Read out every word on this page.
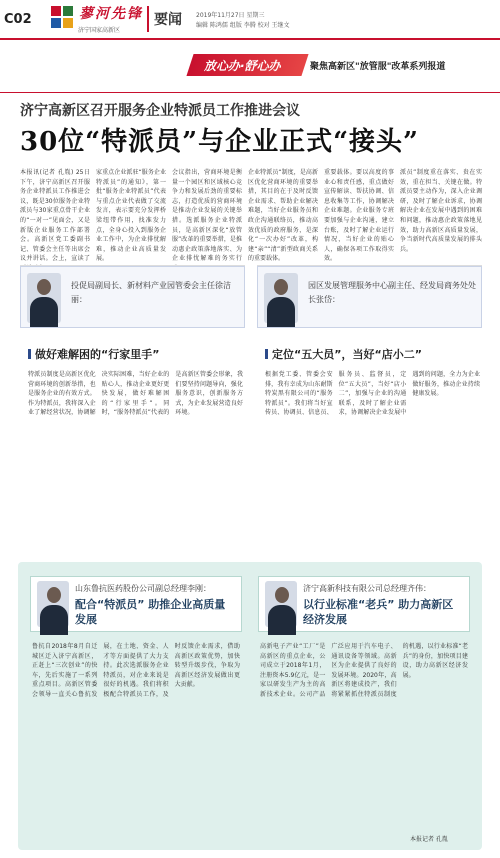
C02	蓼河先锋
济宁国家高新区
要闻 2019年11月27日 星期三
编辑 陈鸿儒 组版 李腾 校对 王继文
放心办·舒心办	聚焦高新区"放管服"改革系列报道
济宁高新区召开服务企业特派员工作推进会议
30位“特派员”与企业正式“接头”
本报讯(记者 孔胤) 25日下午，济宁高新区召开服务企业特派员工作推进会议，既是30位服务企业特派员与30家重点骨干企业的“一对一”见面会，又是新版企业服务工作部署会。高新区党工委副书记、管委会主任等出席会议并讲话。会上，宣读了
家重点企业派驻“服务企业特派员”的通知》，第一批“服务企业特派员”代表与重点企业代表做了交流发言，表示要充分发挥桥梁纽带作用，找准发力点，全身心投入到服务企业工作中，为企业排忧解难，推动企业高质量发展。
会议指出，营商环境是衡量一个园区和区域核心竞争力和发展后劲的重要标志，打造优质的营商环境是推动企业发展的关键举措。选派服务企业特派员，是高新区深化“放管服”改革的重要举措，是推动惠企政策落地落实、为企业排忧解难的务实行
企业特派员“制度，是高新区优化营商环境的重要举措，其目的在于及时反馈企业需求、帮助企业解决难题，当好企业服务员和政企沟通联络员，推动高效优质的政府服务，是深化“一次办好”改革，构建“亲”“清”新型政商关系的重要载体。
重要载体。要以高度的事业心和责任感，重点做好宣传解读、帮扶协调、信息收集等工作，协调解决企业难题。企业服务专班要加强与企业沟通，建立台账，及时了解企业运行情况，当好企业的贴心人，确保各项工作取得实效。
派员”制度重在落实、贵在实效，重在担当、关键在做。特派员要主动作为，深入企业调研，及时了解企业诉求，协调解决企业在发展中遇到的困难和问题，推动惠企政策落地见效，助力高新区高质量发展，争当新时代高质量发展的排头兵。
投促局副局长、新材料产业园管委会主任徐洁丽：
做好难解困的“行家里手”
特派员制度是高新区优化营商环境的创新举措，也是服务企业的有效方式。作为特派员，我将深入企业了解经营状况，协调解决实际困难，当好企业的贴心人，推动企业更好更快发展，做好难解困的“行家里手”。同时，“服务特派员”代表的是高新区管委会形象，我们要坚持问题导向，强化服务意识，创新服务方式，为企业发展营造良好环境。
园区发展管理服务中心副主任、经发局商务处处长张岱：
定位“五大员”，当好“店小二”
根据党工委、管委会安排，我有幸成为山东耐斯特炭黑有限公司的“服务特派员”。我们将当好宣传员、协调员、信息员、服务员、监督员，定位“五大员”，当好“店小二”，加强与企业的沟通联系，及时了解企业需求，协调解决企业发展中遇到的问题，全力为企业做好服务，推动企业持续健康发展。
山东鲁抗医药股份公司副总经理李刚：
配合“特派员” 助推企业高质量发展
鲁抗自2018年8月自迁城区迁入济宁高新区，正赶上“三次创业”的快车，先后实施了一系列重点项目。高新区管委会领导一直关心鲁抗发展，在土地、资金、人才等方面提供了大力支持。此次选派服务企业特派员，对企业来说是很好的机遇。我们将积极配合特派员工作，及时反馈企业需求，借助高新区政策优势，加快转型升级步伐，争取为高新区经济发展做出更大贡献。
济宁高新科技有限公司总经理齐伟：
以行业标准“老兵” 助力高新区经济发展
高新电子产业“工厂”是高新区的重点企业，公司成立于2018年1月，注册资本5.9亿元，是一家以研发生产为主的高新技术企业。公司产品广泛应用于汽车电子、通讯设备等领域。高新区为企业提供了良好的发展环境。2020年，高新区将建成投产，我们将紧紧抓住特派员制度的机遇，以行业标准“老兵”的身份，加快项目建设，助力高新区经济发展。
本报记者 孔胤
